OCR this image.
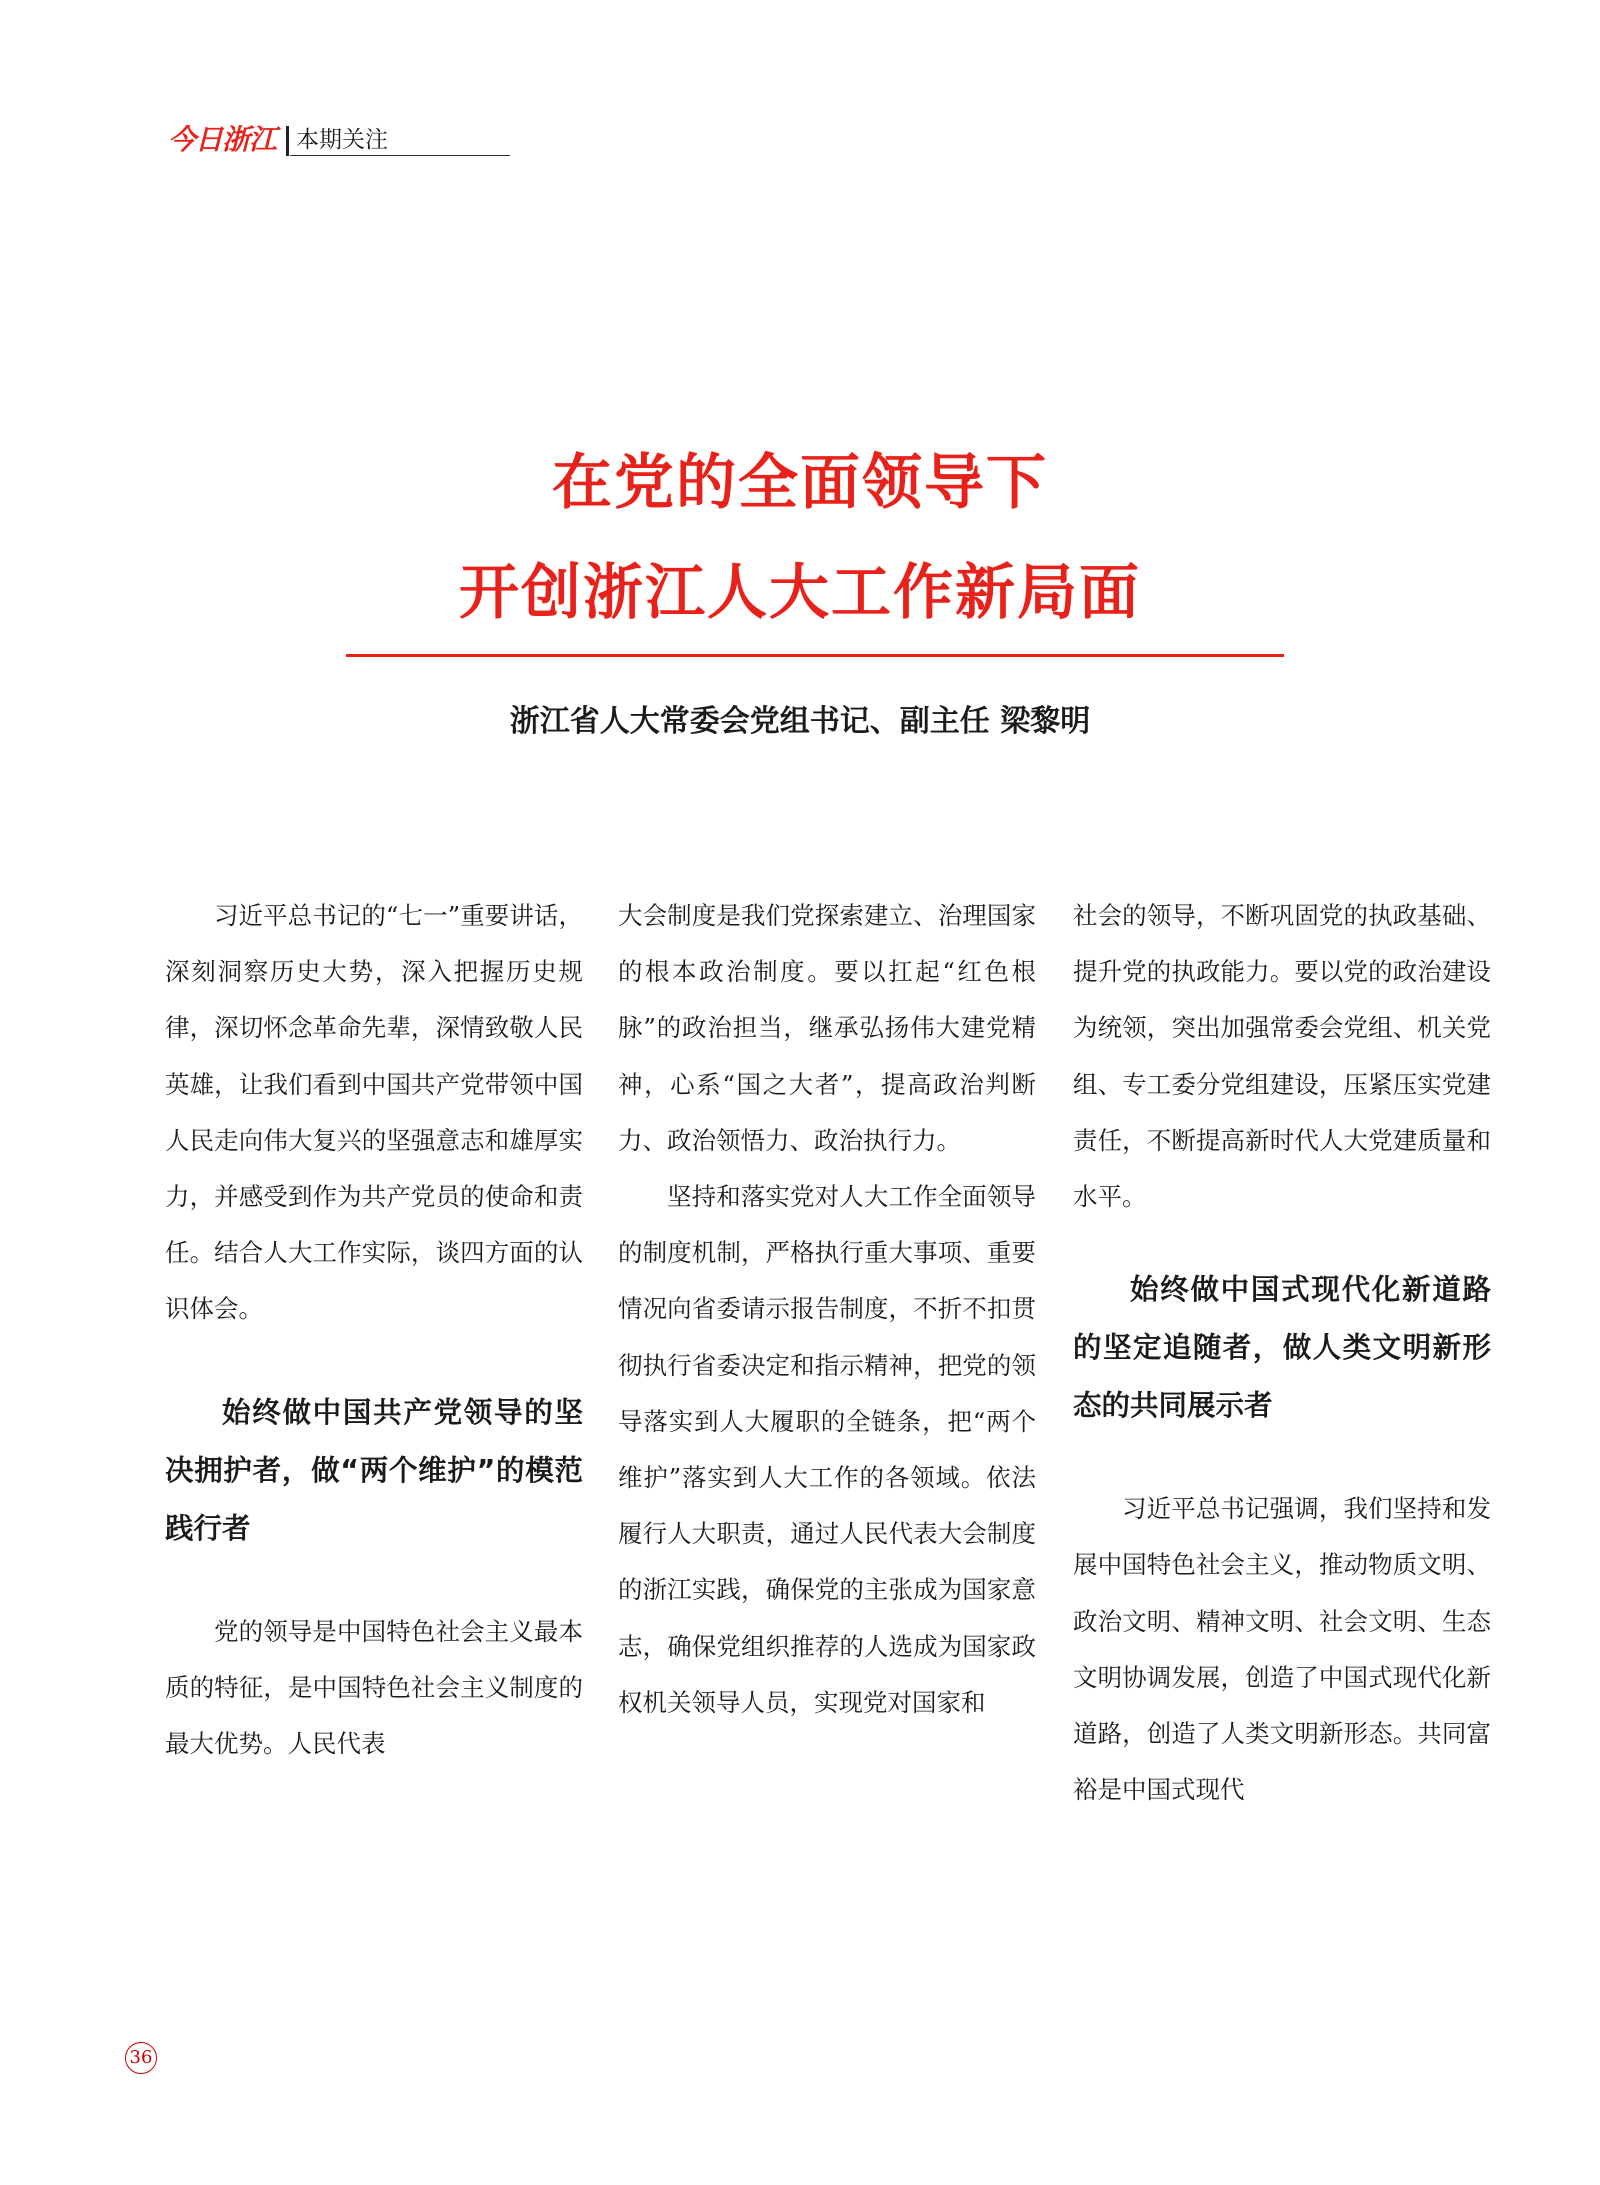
今日浙江 本期关注
在党的全面领导下
开创浙江人大工作新局面
浙江省人大常委会党组书记、副主任 梁黎明

习近平总书记的“七一”重要讲话，深刻洞察历史大势，深入把握历史规律，深切怀念革命先辈，深情致敬人民英雄，让我们看到中国共产党带领中国人民走向伟大复兴的坚强意志和雄厚实力，并感受到作为共产党员的使命和责任。结合人大工作实际，谈四方面的认识体会。

始终做中国共产党领导的坚决拥护者，做“两个维护”的模范践行者

党的领导是中国特色社会主义最本质的特征，是中国特色社会主义制度的最大优势。人民代表

大会制度是我们党探索建立、治理国家的根本政治制度。要以扛起“红色根脉”的政治担当，继承弘扬伟大建党精神，心系“国之大者”，提高政治判断力、政治领悟力、政治执行力。

坚持和落实党对人大工作全面领导的制度机制，严格执行重大事项、重要情况向省委请示报告制度，不折不扣贯彻执行省委决定和指示精神，把党的领导落实到人大履职的全链条，把“两个维护”落实到人大工作的各领域。依法履行人大职责，通过人民代表大会制度的浙江实践，确保党的主张成为国家意志，确保党组织推荐的人选成为国家政权机关领导人员，实现党对国家和

社会的领导，不断巩固党的执政基础、提升党的执政能力。要以党的政治建设为统领，突出加强常委会党组、机关党组、专工委分党组建设，压紧压实党建责任，不断提高新时代人大党建质量和水平。

始终做中国式现代化新道路的坚定追随者，做人类文明新形态的共同展示者

习近平总书记强调，我们坚持和发展中国特色社会主义，推动物质文明、政治文明、精神文明、社会文明、生态文明协调发展，创造了中国式现代化新道路，创造了人类文明新形态。共同富裕是中国式现代

36
